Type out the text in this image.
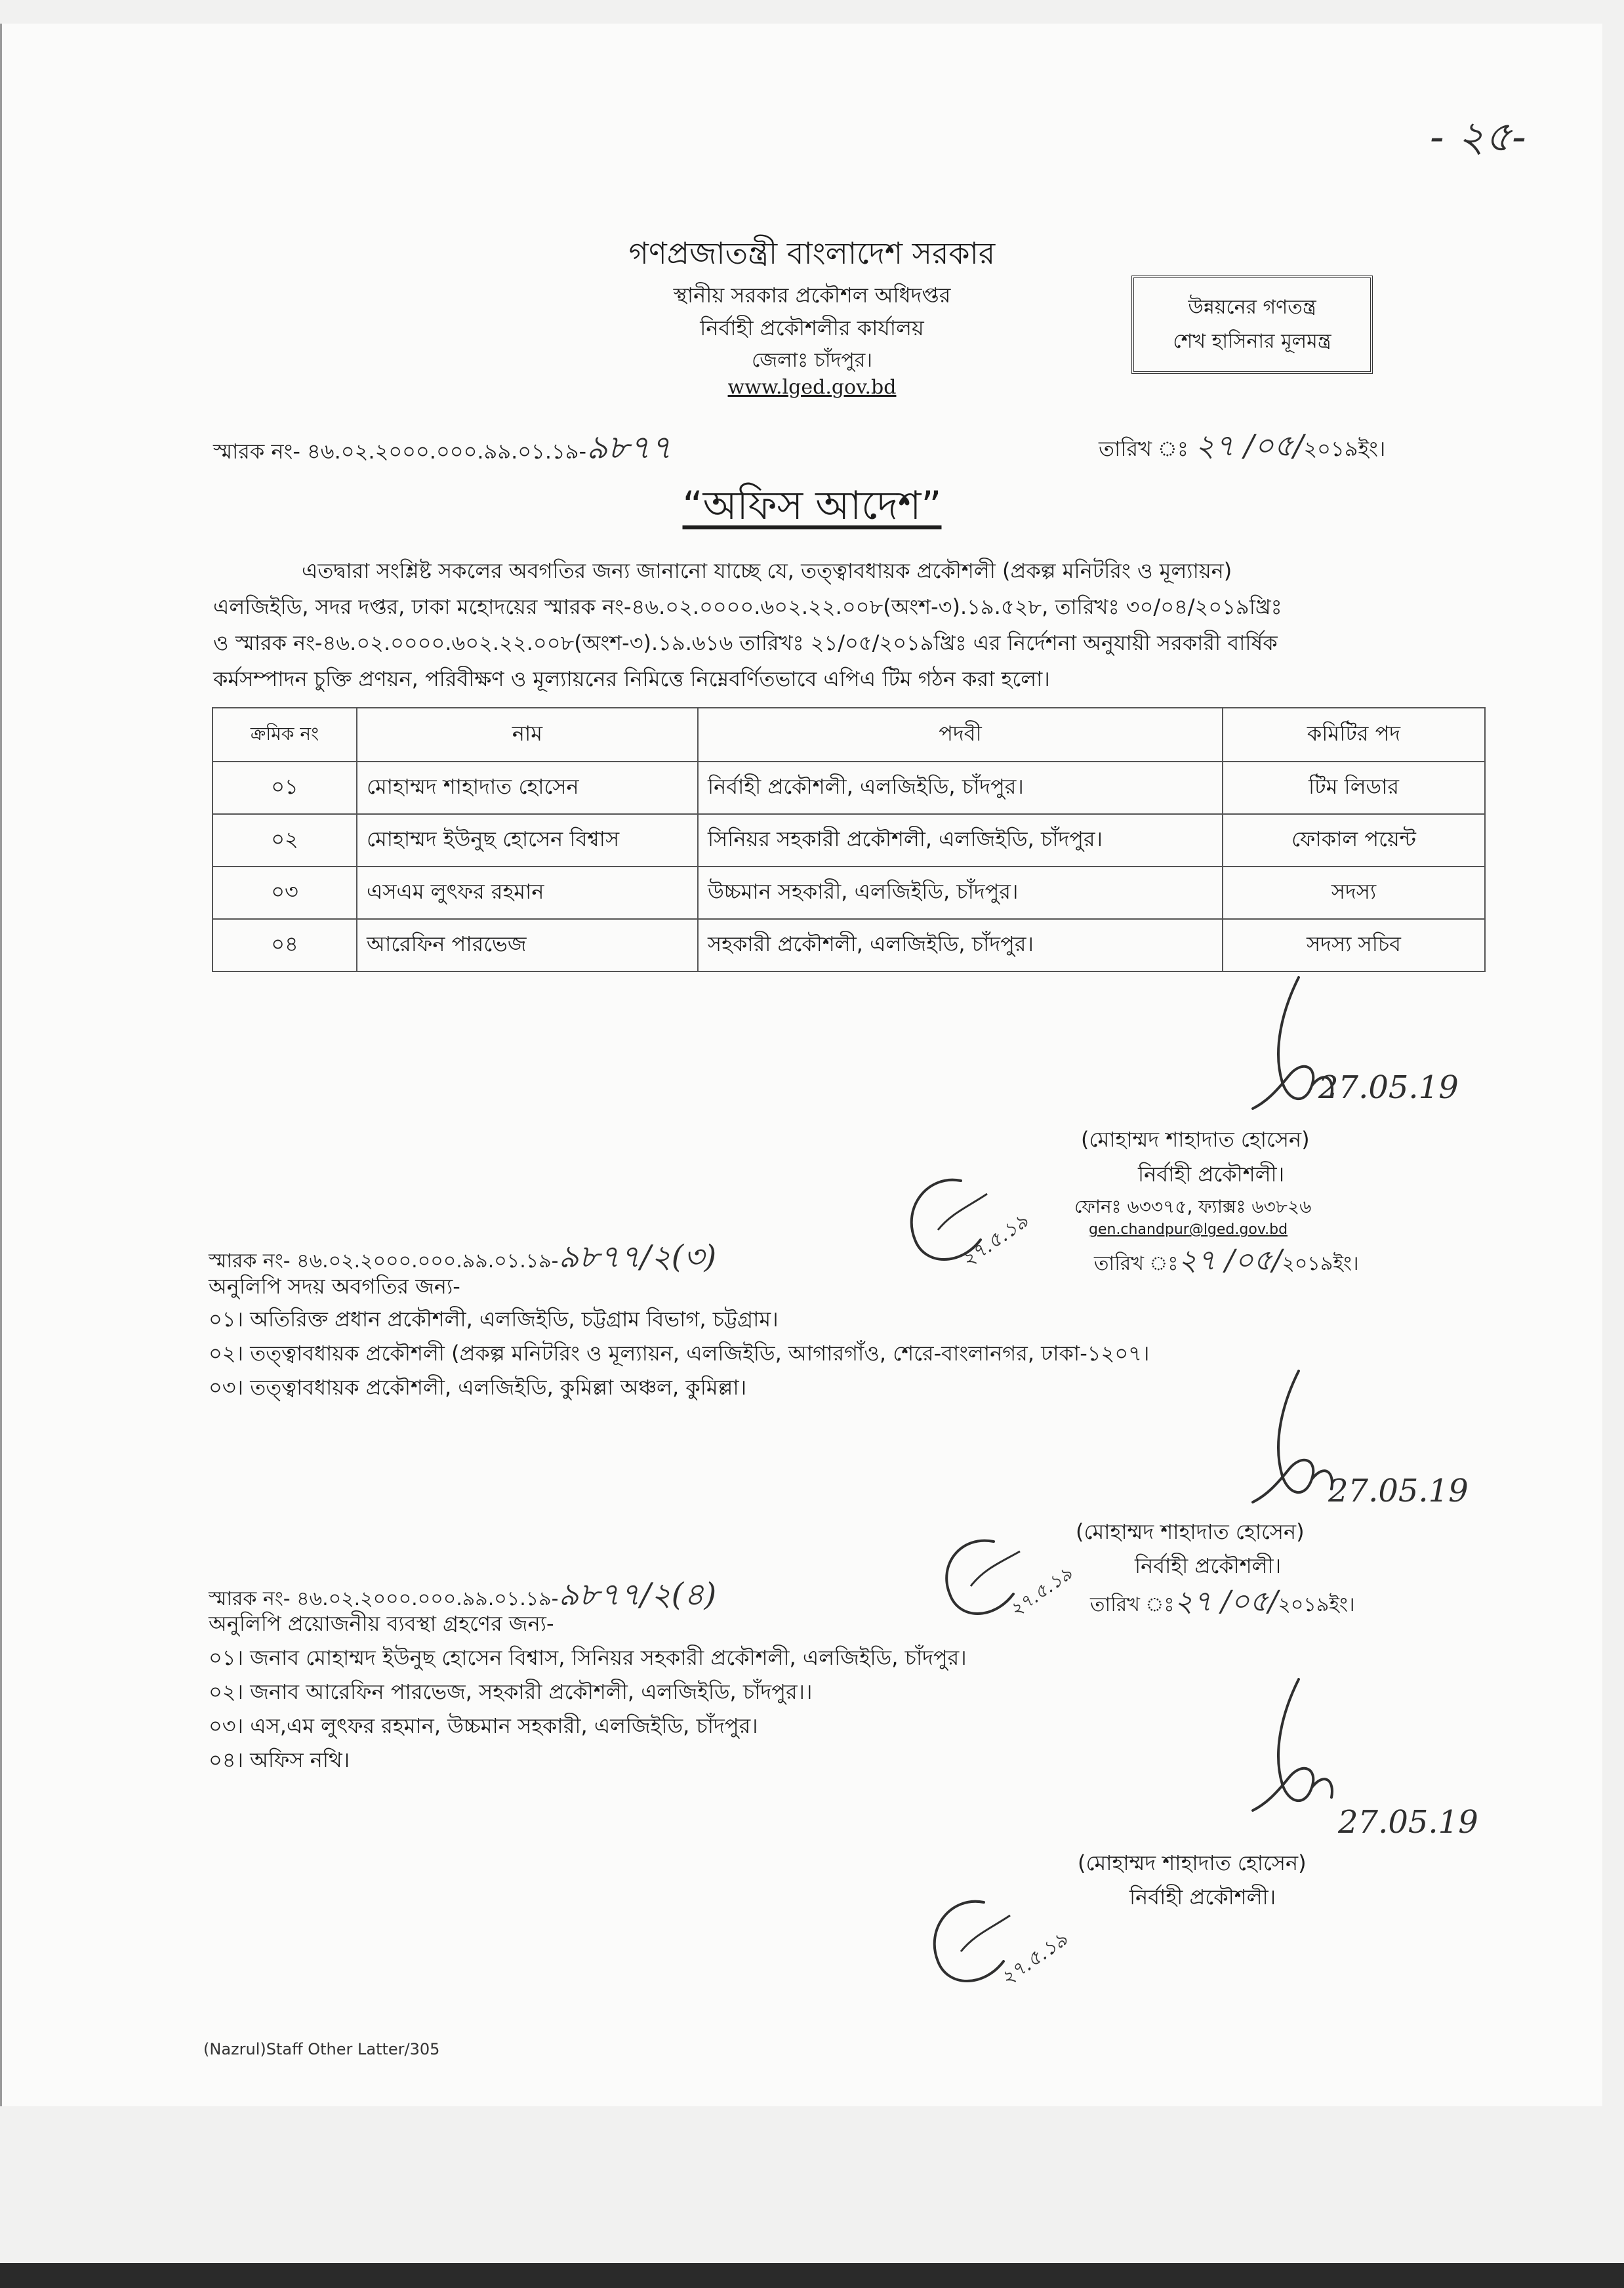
- ২৫-
গণপ্রজাতন্ত্রী বাংলাদেশ সরকার
স্থানীয় সরকার প্রকৌশল অধিদপ্তর
নির্বাহী প্রকৌশলীর কার্যালয়
জেলাঃ চাঁদপুর।
www.lged.gov.bd
উন্নয়নের গণতন্ত্র
শেখ হাসিনার মূলমন্ত্র
স্মারক নং- ৪৬.০২.২০০০.০০০.৯৯.০১.১৯-৯৮৭৭	তারিখ ঃ ২৭ /০৫/২০১৯ইং।
“অফিস আদেশ”
এতদ্বারা সংশ্লিষ্ট সকলের অবগতির জন্য জানানো যাচ্ছে যে, তত্ত্বাবধায়ক প্রকৌশলী (প্রকল্প মনিটরিং ও মূল্যায়ন)
এলজিইডি, সদর দপ্তর, ঢাকা মহোদয়ের স্মারক নং-৪৬.০২.০০০০.৬০২.২২.০০৮(অংশ-৩).১৯.৫২৮, তারিখঃ ৩০/০৪/২০১৯খ্রিঃ
ও স্মারক নং-৪৬.০২.০০০০.৬০২.২২.০০৮(অংশ-৩).১৯.৬১৬ তারিখঃ ২১/০৫/২০১৯খ্রিঃ এর নির্দেশনা অনুযায়ী সরকারী বার্ষিক
কর্মসম্পাদন চুক্তি প্রণয়ন, পরিবীক্ষণ ও মূল্যায়নের নিমিত্তে নিম্নেবর্ণিতভাবে এপিএ টিম গঠন করা হলো।
ক্রমিক নং	নাম	পদবী	কমিটির পদ
০১	মোহাম্মদ শাহাদাত হোসেন	নির্বাহী প্রকৌশলী, এলজিইডি, চাঁদপুর।	টিম লিডার
০২	মোহাম্মদ ইউনুছ হোসেন বিশ্বাস	সিনিয়র সহকারী প্রকৌশলী, এলজিইডি, চাঁদপুর।	ফোকাল পয়েন্ট
০৩	এসএম লুৎফর রহমান	উচ্চমান সহকারী, এলজিইডি, চাঁদপুর।	সদস্য
০৪	আরেফিন পারভেজ	সহকারী প্রকৌশলী, এলজিইডি, চাঁদপুর।	সদস্য সচিব
27.05.19
(মোহাম্মদ শাহাদাত হোসেন)
নির্বাহী প্রকৌশলী।
ফোনঃ ৬৩৩৭৫, ফ্যাক্সঃ ৬৩৮২৬
gen.chandpur@lged.gov.bd
২৭.৫.১৯
স্মারক নং- ৪৬.০২.২০০০.০০০.৯৯.০১.১৯-৯৮৭৭/২(৩)	তারিখ ঃ২৭ /০৫/২০১৯ইং।
অনুলিপি সদয় অবগতির জন্য-
০১। অতিরিক্ত প্রধান প্রকৌশলী, এলজিইডি, চট্টগ্রাম বিভাগ, চট্টগ্রাম।
০২। তত্ত্বাবধায়ক প্রকৌশলী (প্রকল্প মনিটরিং ও মূল্যায়ন, এলজিইডি, আগারগাঁও, শেরে-বাংলানগর, ঢাকা-১২০৭।
০৩। তত্ত্বাবধায়ক প্রকৌশলী, এলজিইডি, কুমিল্লা অঞ্চল, কুমিল্লা।
27.05.19
(মোহাম্মদ শাহাদাত হোসেন)
নির্বাহী প্রকৌশলী।
২৭.৫.১৯
স্মারক নং- ৪৬.০২.২০০০.০০০.৯৯.০১.১৯-৯৮৭৭/২(৪)	তারিখ ঃ২৭ /০৫/২০১৯ইং।
অনুলিপি প্রয়োজনীয় ব্যবস্থা গ্রহণের জন্য-
০১। জনাব মোহাম্মদ ইউনুছ হোসেন বিশ্বাস, সিনিয়র সহকারী প্রকৌশলী, এলজিইডি, চাঁদপুর।
০২। জনাব আরেফিন পারভেজ, সহকারী প্রকৌশলী, এলজিইডি, চাঁদপুর।।
০৩। এস,এম লুৎফর রহমান, উচ্চমান সহকারী, এলজিইডি, চাঁদপুর।
০৪। অফিস নথি।
27.05.19
(মোহাম্মদ শাহাদাত হোসেন)
নির্বাহী প্রকৌশলী।
২৭.৫.১৯
(Nazrul)Staff Other Latter/305
